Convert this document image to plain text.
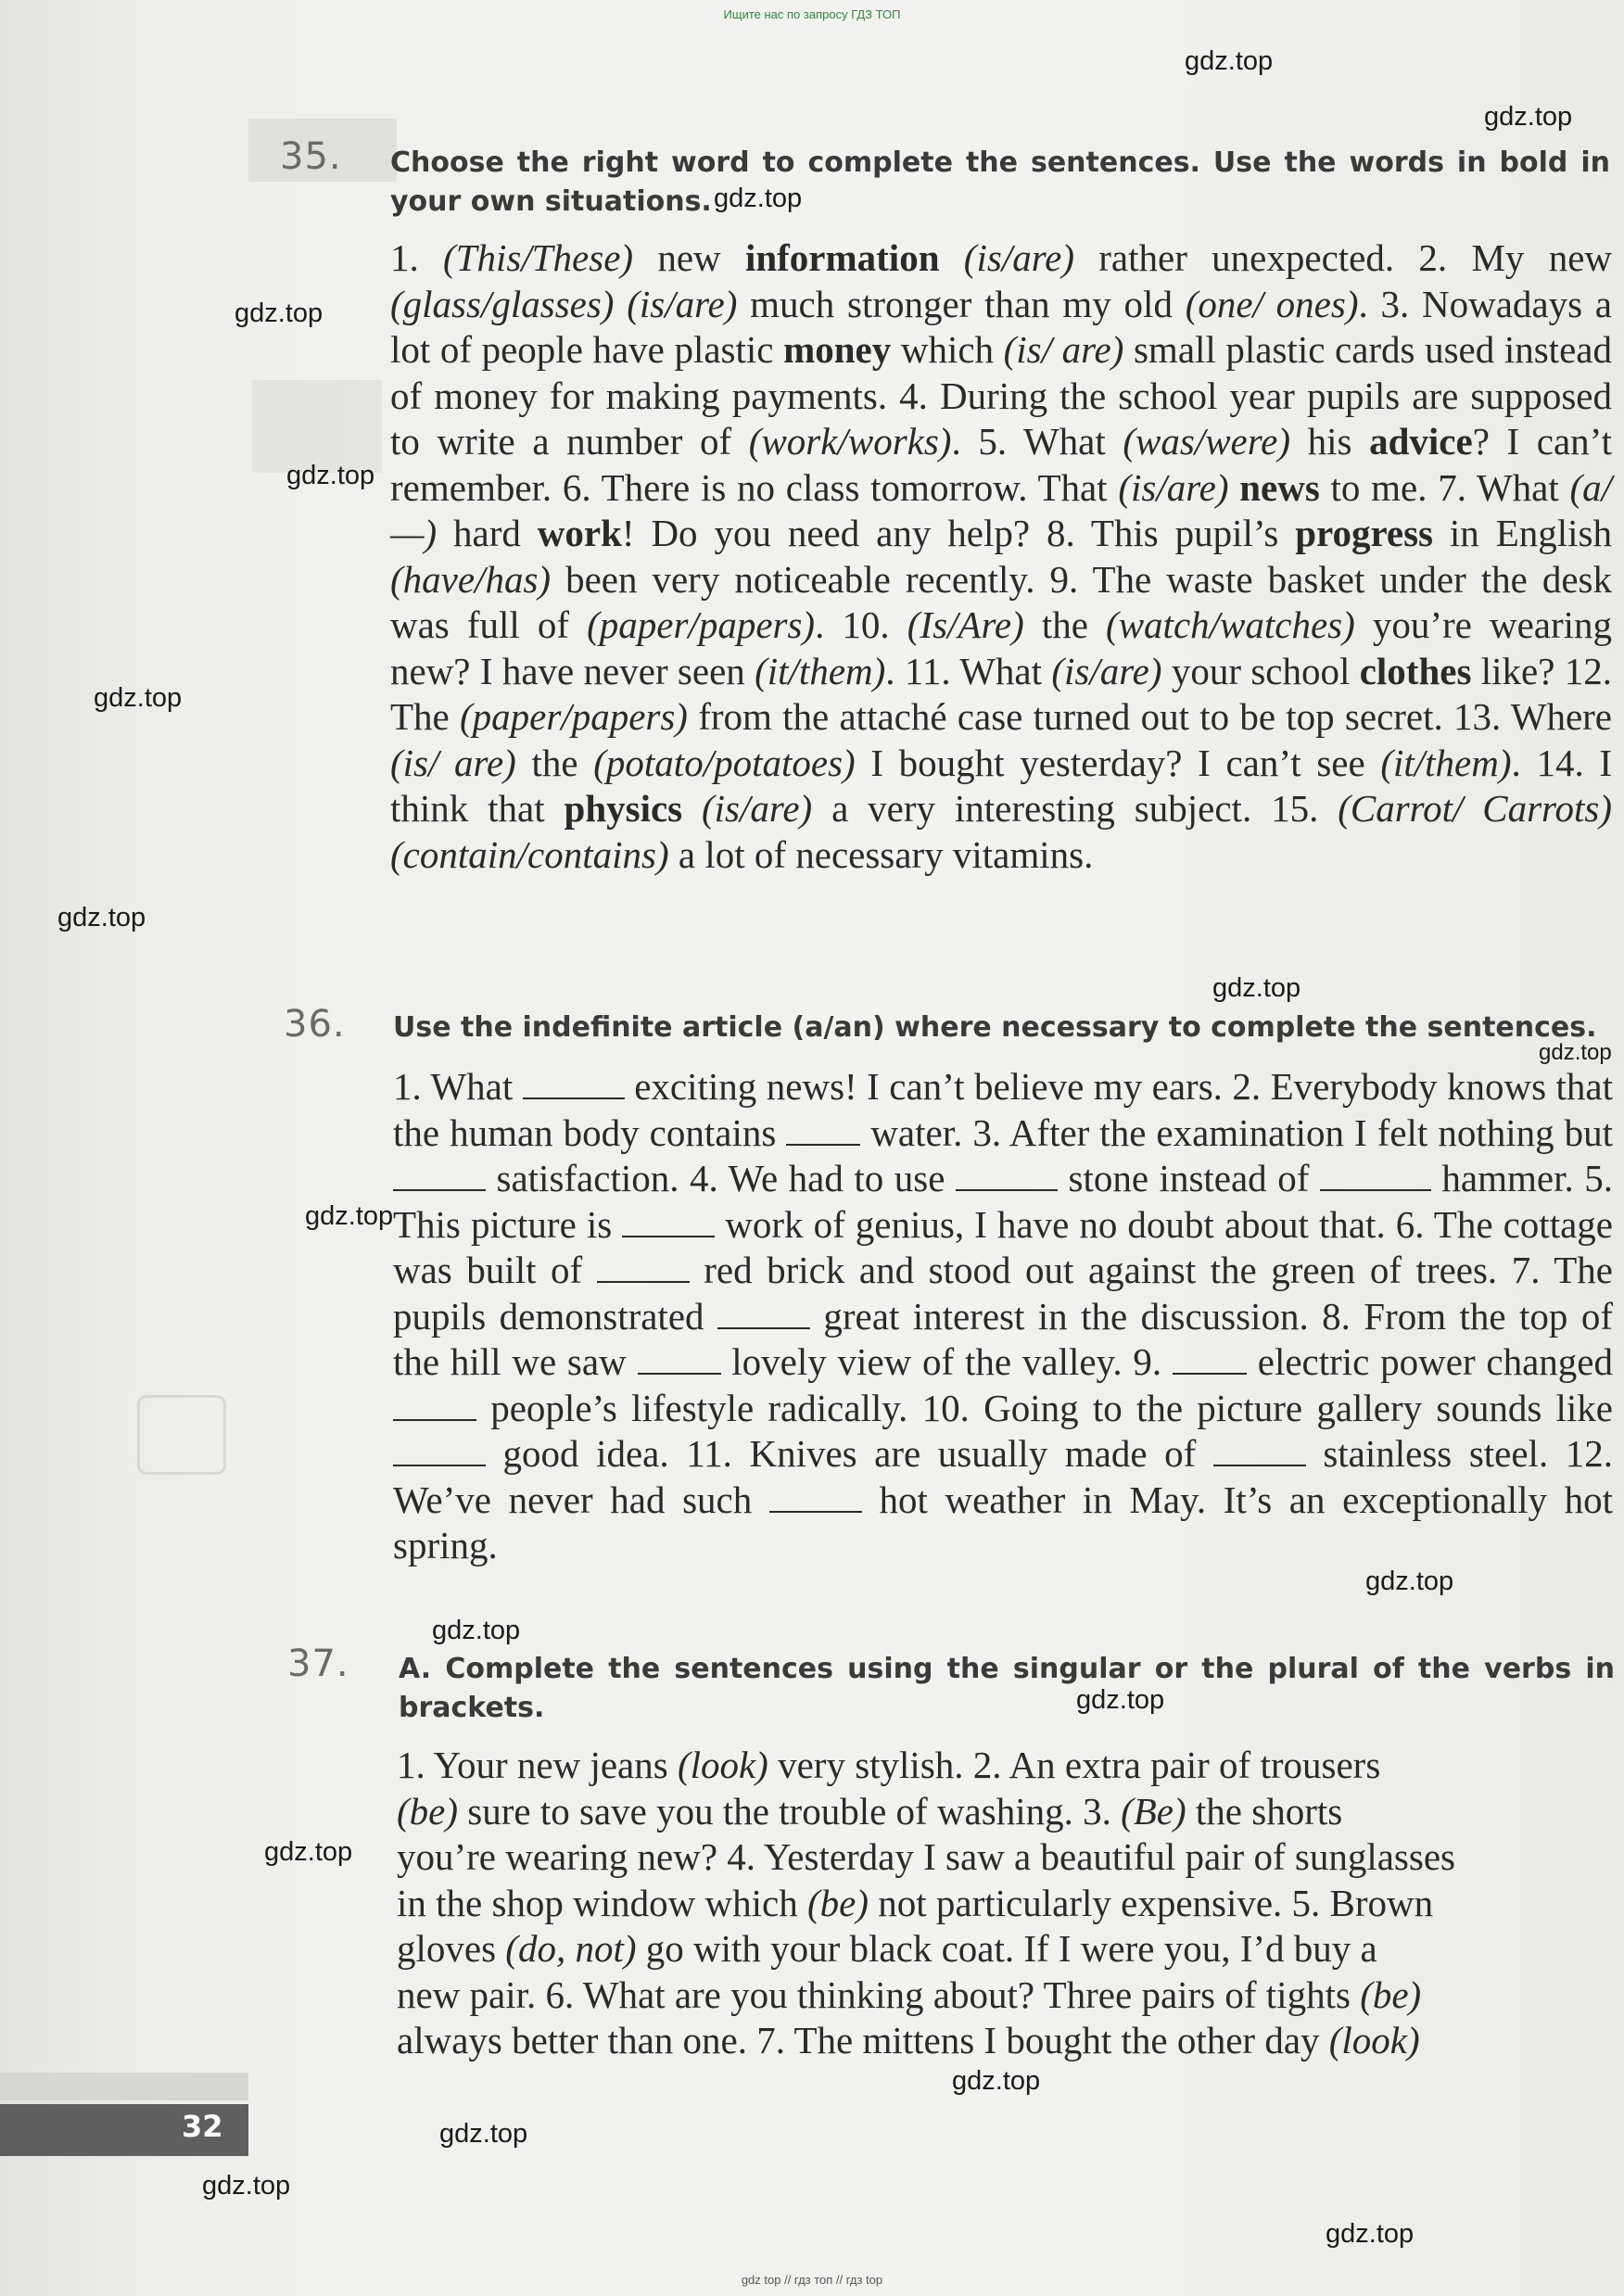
Ищите нас по запросу ГДЗ ТОП
35. Choose the right word to complete the sentences. Use the words in bold in your own situations.
1. (This/These) new information (is/are) rather unexpected. 2. My new (glass/glasses) (is/are) much stronger than my old (one/ ones). 3. Nowadays a lot of people have plastic money which (is/ are) small plastic cards used instead of money for making payments. 4. During the school year pupils are supposed to write a number of (work/works). 5. What (was/were) his advice? I can’t remember. 6. There is no class tomorrow. That (is/are) news to me. 7. What (a/—) hard work! Do you need any help? 8. This pupil’s progress in English (have/has) been very noticeable recently. 9. The waste basket under the desk was full of (paper/papers). 10. (Is/Are) the (watch/watches) you’re wearing new? I have never seen (it/them). 11. What (is/are) your school clothes like? 12. The (paper/papers) from the attaché case turned out to be top secret. 13. Where (is/ are) the (potato/potatoes) I bought yesterday? I can’t see (it/them). 14. I think that physics (is/are) a very interesting subject. 15. (Carrot/ Carrots) (contain/contains) a lot of necessary vitamins.
36. Use the indefinite article (a/an) where necessary to complete the sentences.
1. What	exciting news! I can’t believe my ears. 2. Everybody knows that the human body contains  water. 3. After the examination I felt nothing but  satisfaction. 4. We had to use	stone instead of	hammer. 5. This picture is  work of genius, I have no doubt about that. 6. The cottage was built of  red brick and stood out against the green of trees. 7. The pupils demonstrated  great interest in the discussion. 8. From the top of the hill we saw  lovely view of the valley. 9.  electric power changed  people’s lifestyle radically. 10. Going to the picture gallery sounds like  good idea. 11. Knives are usually made of  stainless steel. 12. We’ve never had such  hot weather in May. It’s an exceptionally hot spring.
37. A. Complete the sentences using the singular or the plural of the verbs in brackets.
1. Your new jeans (look) very stylish. 2. An extra pair of trousers
(be) sure to save you the trouble of washing. 3. (Be) the shorts
you’re wearing new? 4. Yesterday I saw a beautiful pair of sunglasses
in the shop window which (be) not particularly expensive. 5. Brown
gloves (do, not) go with your black coat. If I were you, I’d buy a
new pair. 6. What are you thinking about? Three pairs of tights (be)
always better than one. 7. The mittens I bought the other day (look)
32
gdz.top
gdz.top
gdz.top
gdz.top
gdz.top
gdz.top
gdz.top
gdz.top
gdz.top
gdz.top
gdz.top
gdz.top
gdz.top
gdz.top
gdz.top
gdz.top
gdz.top
gdz.top
gdz top // гдз топ // гдз top
